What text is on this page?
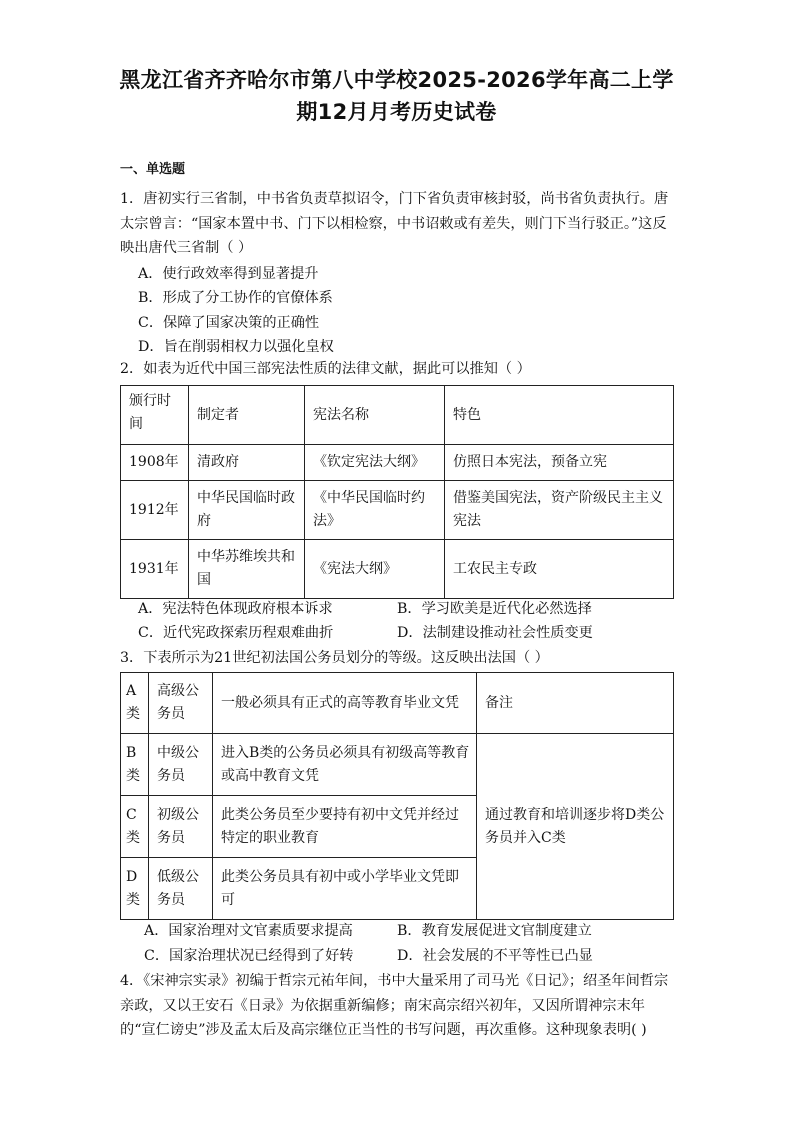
黑龙江省齐齐哈尔市第八中学校2025-2026学年高二上学
期12月月考历史试卷
一、单选题
1．唐初实行三省制，中书省负责草拟诏令，门下省负责审核封驳，尚书省负责执行。唐太宗曾言：“国家本置中书、门下以相检察，中书诏敕或有差失，则门下当行驳正。”这反映出唐代三省制（ ）
A．使行政效率得到显著提升
B．形成了分工协作的官僚体系
C．保障了国家决策的正确性
D．旨在削弱相权力以强化皇权
2．如表为近代中国三部宪法性质的法律文献，据此可以推知（ ）
颁行时间	制定者	宪法名称	特色
1908年	清政府	《钦定宪法大纲》	仿照日本宪法，预备立宪
1912年	中华民国临时政府	《中华民国临时约法》	借鉴美国宪法，资产阶级民主主义宪法
1931年	中华苏维埃共和国	《宪法大纲》	工农民主专政
A．宪法特色体现政府根本诉求	B．学习欧美是近代化必然选择
C．近代宪政探索历程艰难曲折	D．法制建设推动社会性质变更
3．下表所示为21世纪初法国公务员划分的等级。这反映出法国（ ）
A类	高级公务员	一般必须具有正式的高等教育毕业文凭	备注
B类	中级公务员	进入B类的公务员必须具有初级高等教育或高中教育文凭	通过教育和培训逐步将D类公务员并入C类
C类	初级公务员	此类公务员至少要持有初中文凭并经过特定的职业教育	
D类	低级公务员	此类公务员具有初中或小学毕业文凭即可	
A．国家治理对文官素质要求提高	B．教育发展促进文官制度建立
C．国家治理状况已经得到了好转	D．社会发展的不平等性已凸显
4．《宋神宗实录》初编于哲宗元祐年间，书中大量采用了司马光《日记》；绍圣年间哲宗亲政，又以王安石《日录》为依据重新编修；南宋高宗绍兴初年，又因所谓神宗末年的“宣仁谤史”涉及孟太后及高宗继位正当性的书写问题，再次重修。这种现象表明( )
